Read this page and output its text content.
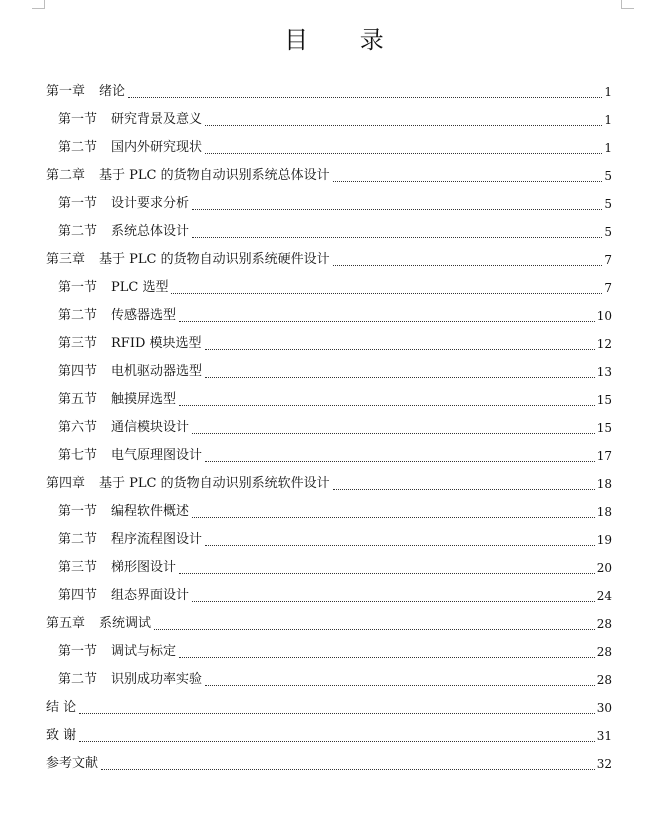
目 录
第一章 绪论	1
第一节 研究背景及意义	1
第二节 国内外研究现状	1
第二章 基于 PLC 的货物自动识别系统总体设计	5
第一节 设计要求分析	5
第二节 系统总体设计	5
第三章 基于 PLC 的货物自动识别系统硬件设计	7
第一节 PLC 选型	7
第二节 传感器选型	10
第三节 RFID 模块选型	12
第四节 电机驱动器选型	13
第五节 触摸屏选型	15
第六节 通信模块设计	15
第七节 电气原理图设计	17
第四章 基于 PLC 的货物自动识别系统软件设计	18
第一节 编程软件概述	18
第二节 程序流程图设计	19
第三节 梯形图设计	20
第四节 组态界面设计	24
第五章 系统调试	28
第一节 调试与标定	28
第二节 识别成功率实验	28
结 论	30
致 谢	31
参考文献	32
